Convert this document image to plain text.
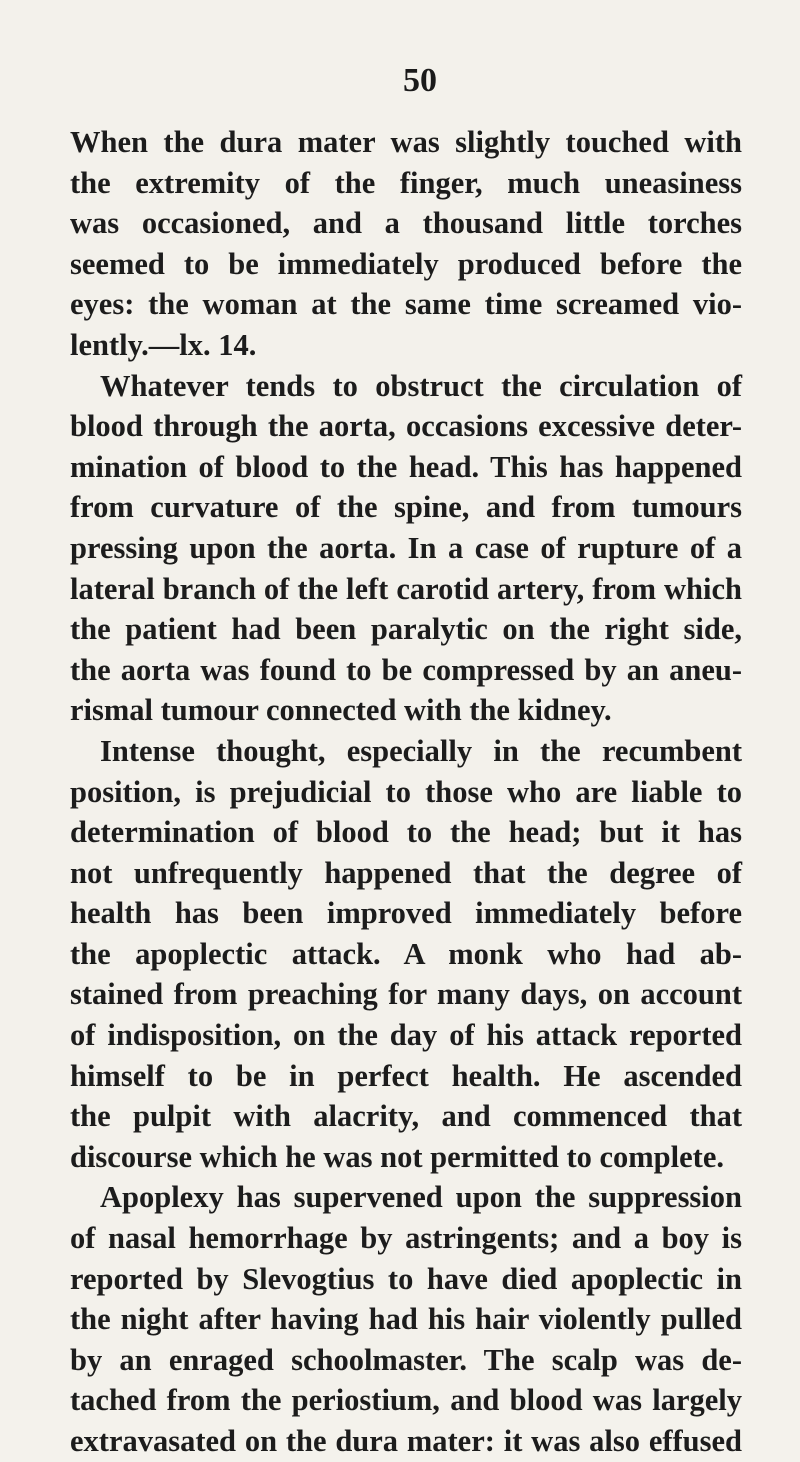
50
When the dura mater was slightly touched with
the extremity of the finger, much uneasiness
was occasioned, and a thousand little torches
seemed to be immediately produced before the
eyes: the woman at the same time screamed vio-
lently.—lx. 14.
Whatever tends to obstruct the circulation of
blood through the aorta, occasions excessive deter-
mination of blood to the head. This has happened
from curvature of the spine, and from tumours
pressing upon the aorta. In a case of rupture of a
lateral branch of the left carotid artery, from which
the patient had been paralytic on the right side,
the aorta was found to be compressed by an aneu-
rismal tumour connected with the kidney.
Intense thought, especially in the recumbent
position, is prejudicial to those who are liable to
determination of blood to the head; but it has
not unfrequently happened that the degree of
health has been improved immediately before
the apoplectic attack. A monk who had ab-
stained from preaching for many days, on account
of indisposition, on the day of his attack reported
himself to be in perfect health. He ascended
the pulpit with alacrity, and commenced that
discourse which he was not permitted to complete.
Apoplexy has supervened upon the suppression
of nasal hemorrhage by astringents; and a boy is
reported by Slevogtius to have died apoplectic in
the night after having had his hair violently pulled
by an enraged schoolmaster. The scalp was de-
tached from the periostium, and blood was largely
extravasated on the dura mater: it was also effused
